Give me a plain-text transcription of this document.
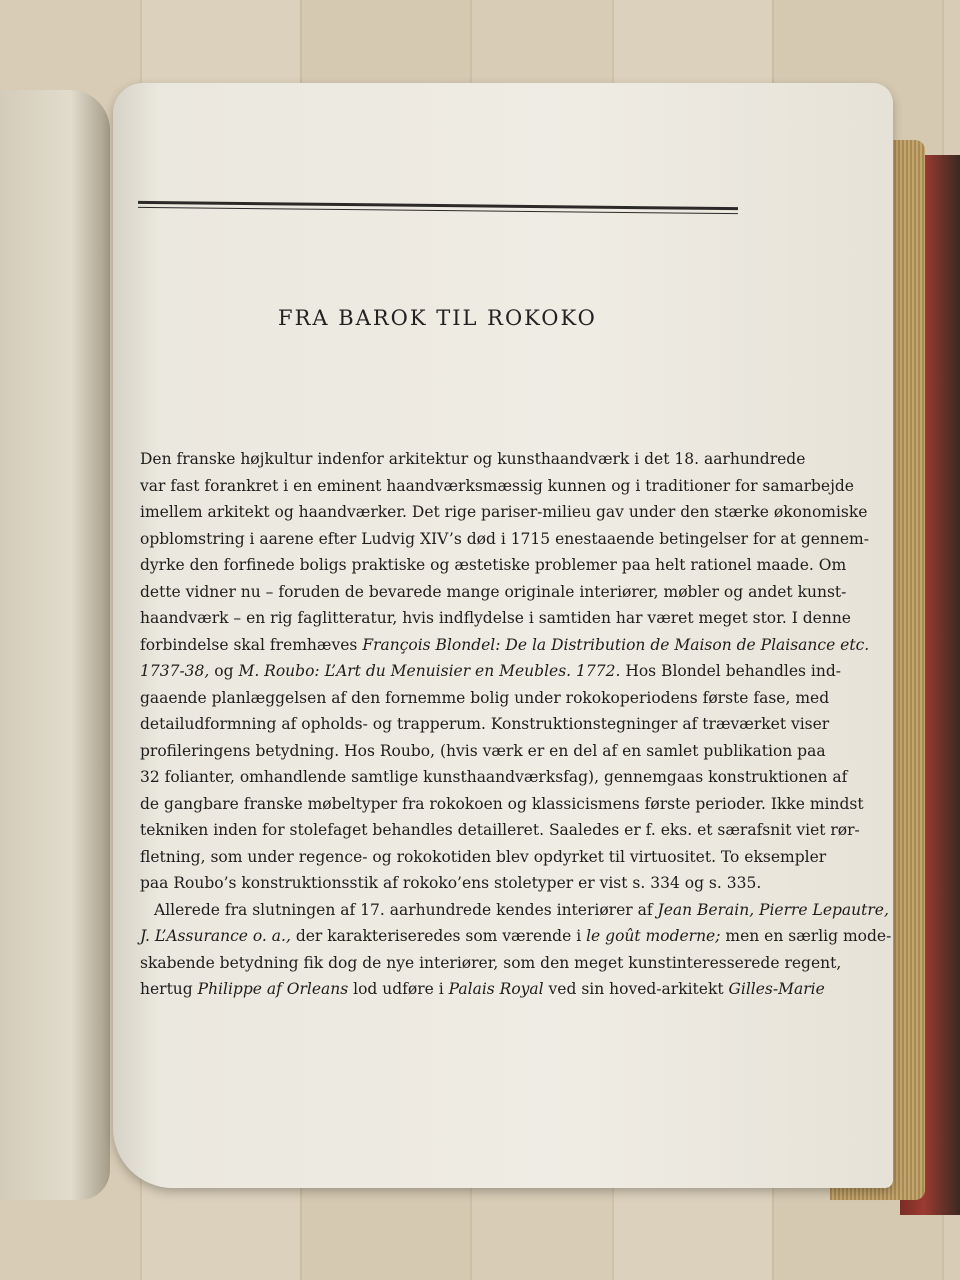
FRA BAROK TIL ROKOKO
Den franske højkultur indenfor arkitektur og kunsthaandværk i det 18. aarhundrede
var fast forankret i en eminent haandværksmæssig kunnen og i traditioner for samarbejde
imellem arkitekt og haandværker. Det rige pariser-milieu gav under den stærke økonomiske
opblomstring i aarene efter Ludvig XIV’s død i 1715 enestaaende betingelser for at gennem-
dyrke den forfinede boligs praktiske og æstetiske problemer paa helt rationel maade. Om
dette vidner nu – foruden de bevarede mange originale interiører, møbler og andet kunst-
haandværk – en rig faglitteratur, hvis indflydelse i samtiden har været meget stor. I denne
forbindelse skal fremhæves François Blondel: De la Distribution de Maison de Plaisance etc.
1737-38, og M. Roubo: L’Art du Menuisier en Meubles. 1772. Hos Blondel behandles ind-
gaaende planlæggelsen af den fornemme bolig under rokokoperiodens første fase, med
detailudformning af opholds- og trapperum. Konstruktionstegninger af træværket viser
profileringens betydning. Hos Roubo, (hvis værk er en del af en samlet publikation paa
32 folianter, omhandlende samtlige kunsthaandværksfag), gennemgaas konstruktionen af
de gangbare franske møbeltyper fra rokokoen og klassicismens første perioder. Ikke mindst
tekniken inden for stolefaget behandles detailleret. Saaledes er f. eks. et særafsnit viet rør-
fletning, som under regence- og rokokotiden blev opdyrket til virtuositet. To eksempler
paa Roubo’s konstruktionsstik af rokoko’ens stoletyper er vist s. 334 og s. 335.
Allerede fra slutningen af 17. aarhundrede kendes interiører af Jean Berain, Pierre Lepautre,
J. L’Assurance o. a., der karakteriseredes som værende i le goût moderne; men en særlig mode-
skabende betydning fik dog de nye interiører, som den meget kunstinteresserede regent,
hertug Philippe af Orleans lod udføre i Palais Royal ved sin hoved-arkitekt Gilles-Marie
